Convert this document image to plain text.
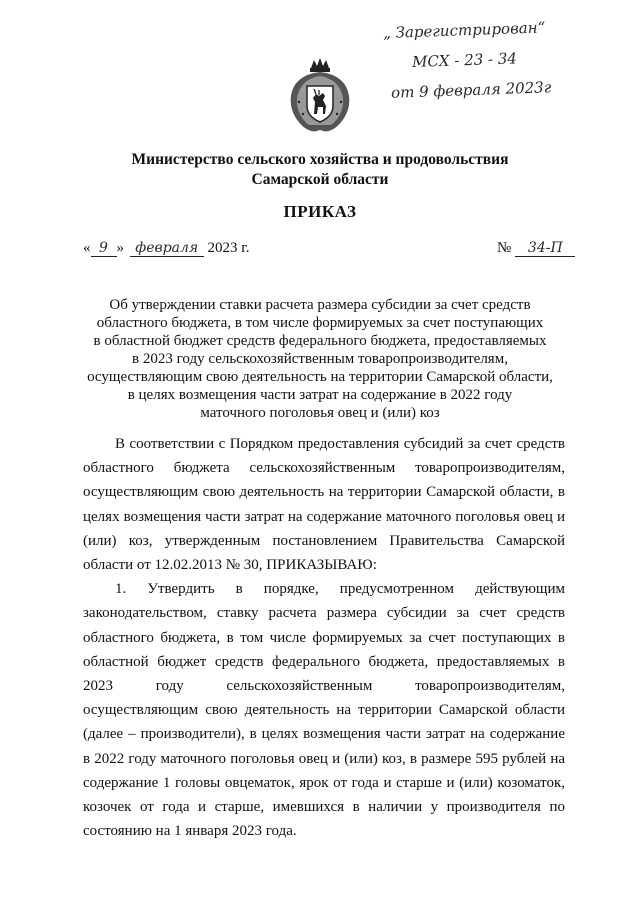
„ Зарегистрирован“
МСХ - 23 - 34
от 9 февраля 2023г
Министерство сельского хозяйства и продовольствия
Самарской области
ПРИКАЗ
« 9 » февраля 2023 г.	№ 34-П
Об утверждении ставки расчета размера субсидии за счет средств
областного бюджета, в том числе формируемых за счет поступающих
в областной бюджет средств федерального бюджета, предоставляемых
в 2023 году сельскохозяйственным товаропроизводителям,
осуществляющим свою деятельность на территории Самарской области,
в целях возмещения части затрат на содержание в 2022 году
маточного поголовья овец и (или) коз

В соответствии с Порядком предоставления субсидий за счет средств областного бюджета сельскохозяйственным товаропроизводителям, осуществляющим свою деятельность на территории Самарской области, в целях возмещения части затрат на содержание маточного поголовья овец и (или) коз, утвержденным постановлением Правительства Самарской области от 12.02.2013 № 30, ПРИКАЗЫВАЮ:

1. Утвердить в порядке, предусмотренном действующим законодательством, ставку расчета размера субсидии за счет средств областного бюджета, в том числе формируемых за счет поступающих в областной бюджет средств федерального бюджета, предоставляемых в 2023 году сельскохозяйственным товаропроизводителям, осуществляющим свою деятельность на территории Самарской области (далее – производители), в целях возмещения части затрат на содержание в 2022 году маточного поголовья овец и (или) коз, в размере 595 рублей на содержание 1 головы овцематок, ярок от года и старше и (или) козоматок, козочек от года и старше, имевшихся в наличии у производителя по состоянию на 1 января 2023 года.
